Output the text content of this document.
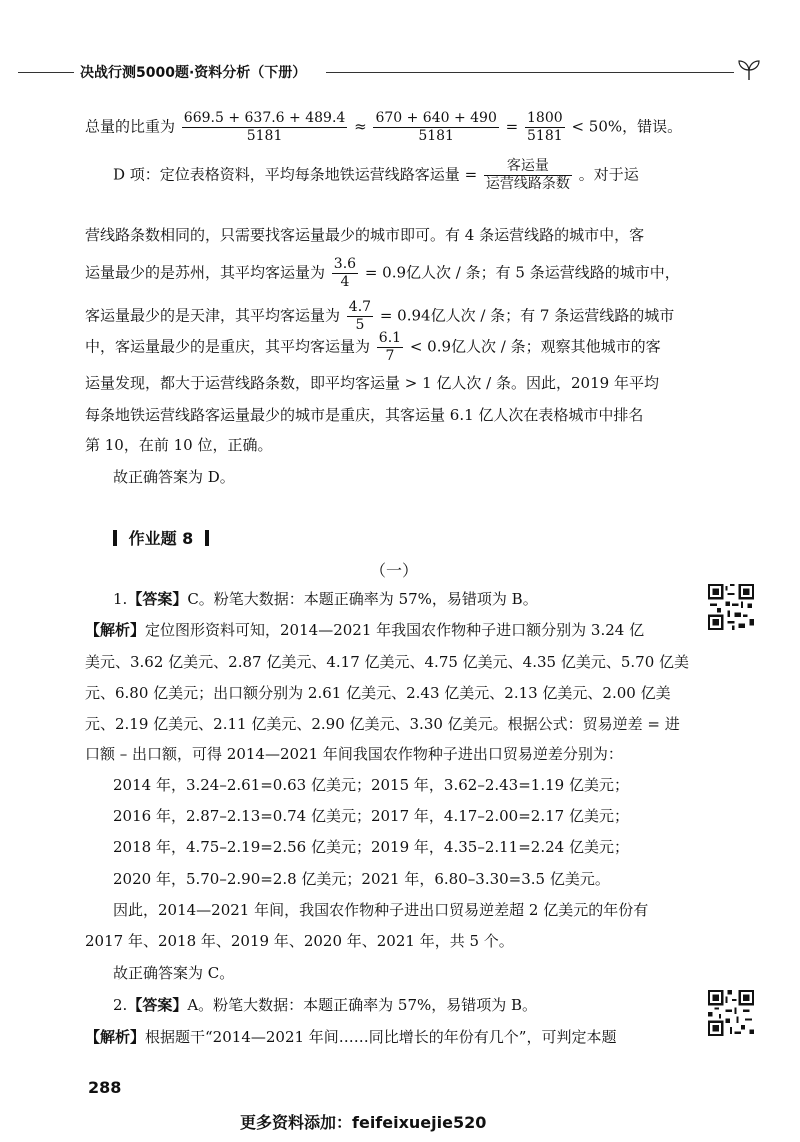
决战行测5000题·资料分析（下册）
总量的比重为 $\frac{669.5 + 637.6 + 489.4}{5181} \approx \frac{670 + 640 + 490}{5181} = \frac{1800}{5181} < 50\%$，错误。
D 项：定位表格资料，平均每条地铁运营线路客运量 = $\frac{\text{客运量}}{\text{运营线路条数}}$ 。对于运
营线路条数相同的，只需要找客运量最少的城市即可。有 4 条运营线路的城市中，客
运量最少的是苏州，其平均客运量为 $\frac{3.6}{4} = 0.9$亿人次 / 条；有 5 条运营线路的城市中，
客运量最少的是天津，其平均客运量为 $\frac{4.7}{5} = 0.94$亿人次 / 条；有 7 条运营线路的城市
中，客运量最少的是重庆，其平均客运量为 $\frac{6.1}{7} < 0.9$亿人次 / 条；观察其他城市的客
运量发现，都大于运营线路条数，即平均客运量 > 1 亿人次 / 条。因此，2019 年平均
每条地铁运营线路客运量最少的城市是重庆，其客运量 6.1 亿人次在表格城市中排名
第 10，在前 10 位，正确。
故正确答案为 D。
作业题 8
（一）
1.【答案】C。粉笔大数据：本题正确率为 57%，易错项为 B。
【解析】定位图形资料可知，2014—2021 年我国农作物种子进口额分别为 3.24 亿
美元、3.62 亿美元、2.87 亿美元、4.17 亿美元、4.75 亿美元、4.35 亿美元、5.70 亿美
元、6.80 亿美元；出口额分别为 2.61 亿美元、2.43 亿美元、2.13 亿美元、2.00 亿美
元、2.19 亿美元、2.11 亿美元、2.90 亿美元、3.30 亿美元。根据公式：贸易逆差 = 进
口额 – 出口额，可得 2014—2021 年间我国农作物种子进出口贸易逆差分别为：
2014 年，3.24–2.61=0.63 亿美元；2015 年，3.62–2.43=1.19 亿美元；
2016 年，2.87–2.13=0.74 亿美元；2017 年，4.17–2.00=2.17 亿美元；
2018 年，4.75–2.19=2.56 亿美元；2019 年，4.35–2.11=2.24 亿美元；
2020 年，5.70–2.90=2.8 亿美元；2021 年，6.80–3.30=3.5 亿美元。
因此，2014—2021 年间，我国农作物种子进出口贸易逆差超 2 亿美元的年份有
2017 年、2018 年、2019 年、2020 年、2021 年，共 5 个。
故正确答案为 C。
2.【答案】A。粉笔大数据：本题正确率为 57%，易错项为 B。
【解析】根据题干“2014—2021 年间……同比增长的年份有几个”，可判定本题
288
更多资料添加：feifeixuejie520
